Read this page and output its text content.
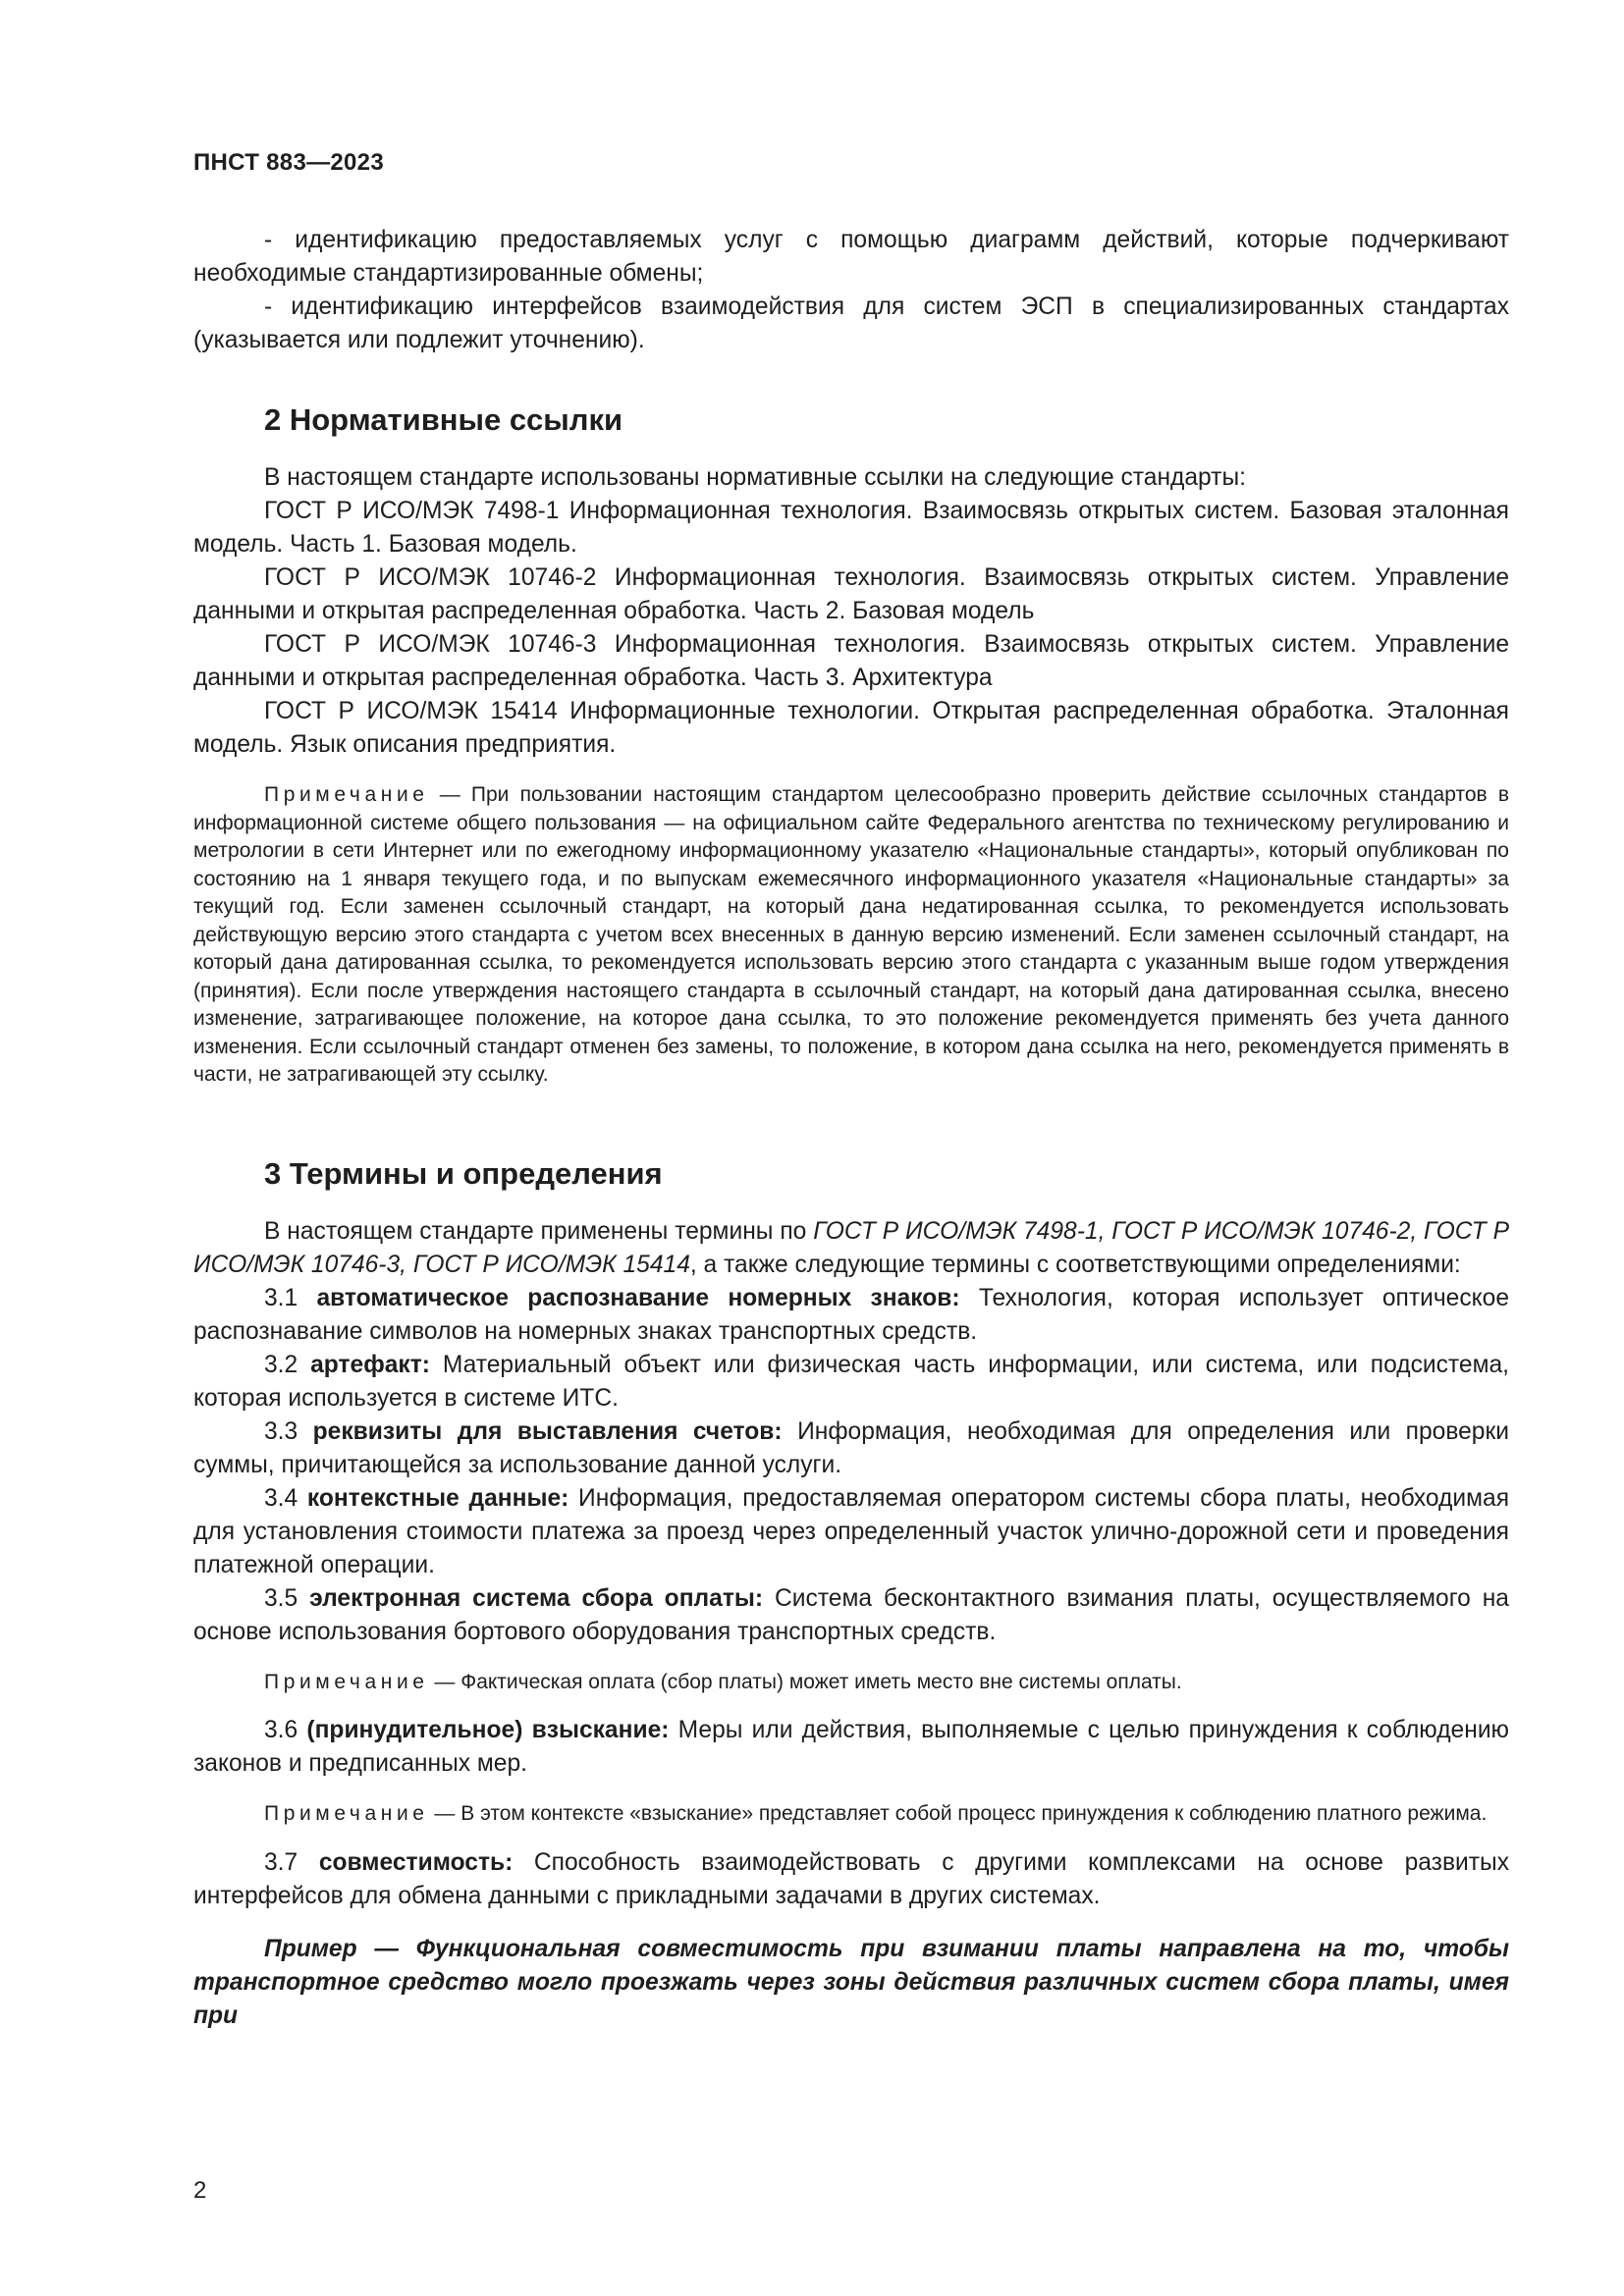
ПНСТ 883—2023

- идентификацию предоставляемых услуг с помощью диаграмм действий, которые подчеркивают необходимые стандартизированные обмены;

- идентификацию интерфейсов взаимодействия для систем ЭСП в специализированных стандартах (указывается или подлежит уточнению).

2 Нормативные ссылки

В настоящем стандарте использованы нормативные ссылки на следующие стандарты:

ГОСТ Р ИСО/МЭК 7498-1 Информационная технология. Взаимосвязь открытых систем. Базовая эталонная модель. Часть 1. Базовая модель.

ГОСТ Р ИСО/МЭК 10746-2 Информационная технология. Взаимосвязь открытых систем. Управление данными и открытая распределенная обработка. Часть 2. Базовая модель

ГОСТ Р ИСО/МЭК 10746-3 Информационная технология. Взаимосвязь открытых систем. Управление данными и открытая распределенная обработка. Часть 3. Архитектура

ГОСТ Р ИСО/МЭК 15414 Информационные технологии. Открытая распределенная обработка. Эталонная модель. Язык описания предприятия.

Примечание — При пользовании настоящим стандартом целесообразно проверить действие ссылочных стандартов в информационной системе общего пользования — на официальном сайте Федерального агентства по техническому регулированию и метрологии в сети Интернет или по ежегодному информационному указателю «Национальные стандарты», который опубликован по состоянию на 1 января текущего года, и по выпускам ежемесячного информационного указателя «Национальные стандарты» за текущий год. Если заменен ссылочный стандарт, на который дана недатированная ссылка, то рекомендуется использовать действующую версию этого стандарта с учетом всех внесенных в данную версию изменений. Если заменен ссылочный стандарт, на который дана датированная ссылка, то рекомендуется использовать версию этого стандарта с указанным выше годом утверждения (принятия). Если после утверждения настоящего стандарта в ссылочный стандарт, на который дана датированная ссылка, внесено изменение, затрагивающее положение, на которое дана ссылка, то это положение рекомендуется применять без учета данного изменения. Если ссылочный стандарт отменен без замены, то положение, в котором дана ссылка на него, рекомендуется применять в части, не затрагивающей эту ссылку.

3 Термины и определения

В настоящем стандарте применены термины по ГОСТ Р ИСО/МЭК 7498-1, ГОСТ Р ИСО/МЭК 10746-2, ГОСТ Р ИСО/МЭК 10746-3, ГОСТ Р ИСО/МЭК 15414, а также следующие термины с соответствующими определениями:

3.1 автоматическое распознавание номерных знаков: Технология, которая использует оптическое распознавание символов на номерных знаках транспортных средств.

3.2 артефакт: Материальный объект или физическая часть информации, или система, или подсистема, которая используется в системе ИТС.

3.3 реквизиты для выставления счетов: Информация, необходимая для определения или проверки суммы, причитающейся за использование данной услуги.

3.4 контекстные данные: Информация, предоставляемая оператором системы сбора платы, необходимая для установления стоимости платежа за проезд через определенный участок улично-дорожной сети и проведения платежной операции.

3.5 электронная система сбора оплаты: Система бесконтактного взимания платы, осуществляемого на основе использования бортового оборудования транспортных средств.

Примечание — Фактическая оплата (сбор платы) может иметь место вне системы оплаты.

3.6 (принудительное) взыскание: Меры или действия, выполняемые с целью принуждения к соблюдению законов и предписанных мер.

Примечание — В этом контексте «взыскание» представляет собой процесс принуждения к соблюдению платного режима.

3.7 совместимость: Способность взаимодействовать с другими комплексами на основе развитых интерфейсов для обмена данными с прикладными задачами в других системах.

Пример — Функциональная совместимость при взимании платы направлена на то, чтобы транспортное средство могло проезжать через зоны действия различных систем сбора платы, имея при

2
